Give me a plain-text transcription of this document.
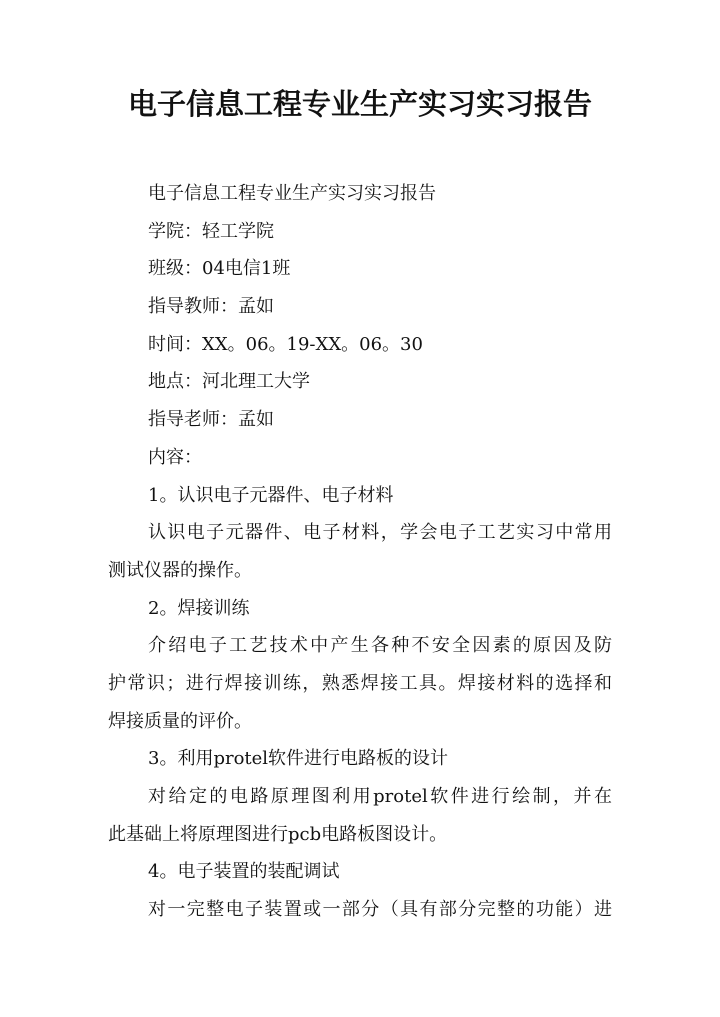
电子信息工程专业生产实习实习报告
电子信息工程专业生产实习实习报告
学院：轻工学院
班级：04电信1班
指导教师：孟如
时间：XX。06。19-XX。06。30
地点：河北理工大学
指导老师：孟如
内容：
1。认识电子元器件、电子材料
认识电子元器件、电子材料，学会电子工艺实习中常用
测试仪器的操作。
2。焊接训练
介绍电子工艺技术中产生各种不安全因素的原因及防
护常识；进行焊接训练，熟悉焊接工具。焊接材料的选择和
焊接质量的评价。
3。利用protel软件进行电路板的设计
对给定的电路原理图利用protel软件进行绘制，并在
此基础上将原理图进行pcb电路板图设计。
4。电子装置的装配调试
对一完整电子装置或一部分（具有部分完整的功能）进
